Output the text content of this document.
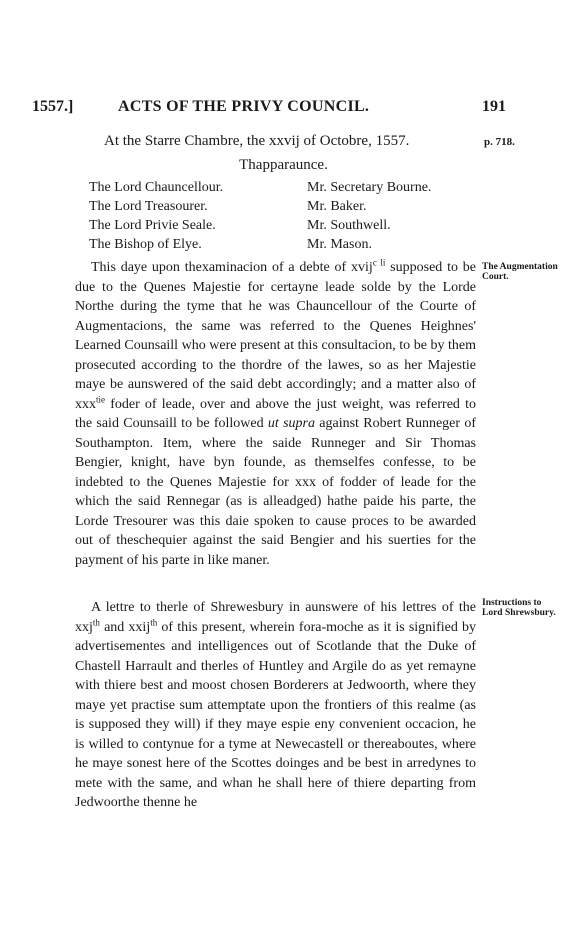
1557.]	ACTS OF THE PRIVY COUNCIL.	191
At the Starre Chambre, the xxvij of Octobre, 1557.	p. 718.
Thapparaunce.
The Lord Chauncellour.	Mr. Secretary Bourne.
The Lord Treasourer.	Mr. Baker.
The Lord Privie Seale.	Mr. Southwell.
The Bishop of Elye.	Mr. Mason.
The Augmentation Court.
Instructions to Lord Shrewsbury.

This daye upon thexaminacion of a debte of xvij$^{c li}$ supposed to be due to the Quenes Majestie for certayne leade solde by the Lorde Northe during the tyme that he was Chauncellour of the Courte of Augmentacions, the same was referred to the Quenes Heighnes' Learned Counsaill who were present at this consultacion, to be by them prosecuted according to the thordre of the lawes, so as her Majestie maye be aunswered of the said debt accordingly; and a matter also of xxx$^{tie}$ foder of leade, over and above the just weight, was referred to the said Counsaill to be followed ut supra against Robert Runneger of Southampton. Item, where the saide Runneger and Sir Thomas Bengier, knight, have byn founde, as themselfes confesse, to be indebted to the Quenes Majestie for xxx of fodder of leade for the which the said Rennegar (as is alleadged) hathe paide his parte, the Lorde Tresourer was this daie spoken to cause proces to be awarded out of theschequier against the said Bengier and his suerties for the payment of his parte in like maner.

A lettre to therle of Shrewesbury in aunswere of his lettres of the xxj$^{th}$ and xxij$^{th}$ of this present, wherein fora-moche as it is signified by advertisementes and intelligences out of Scotlande that the Duke of Chastell Harrault and therles of Huntley and Argile do as yet remayne with thiere best and moost chosen Borderers at Jedwoorth, where they maye yet practise sum attemptate upon the frontiers of this realme (as is supposed they will) if they maye espie eny convenient occacion, he is willed to contynue for a tyme at Newecastell or thereaboutes, where he maye sonest here of the Scottes doinges and be best in arredynes to mete with the same, and whan he shall here of thiere departing from Jedwoorthe thenne he
